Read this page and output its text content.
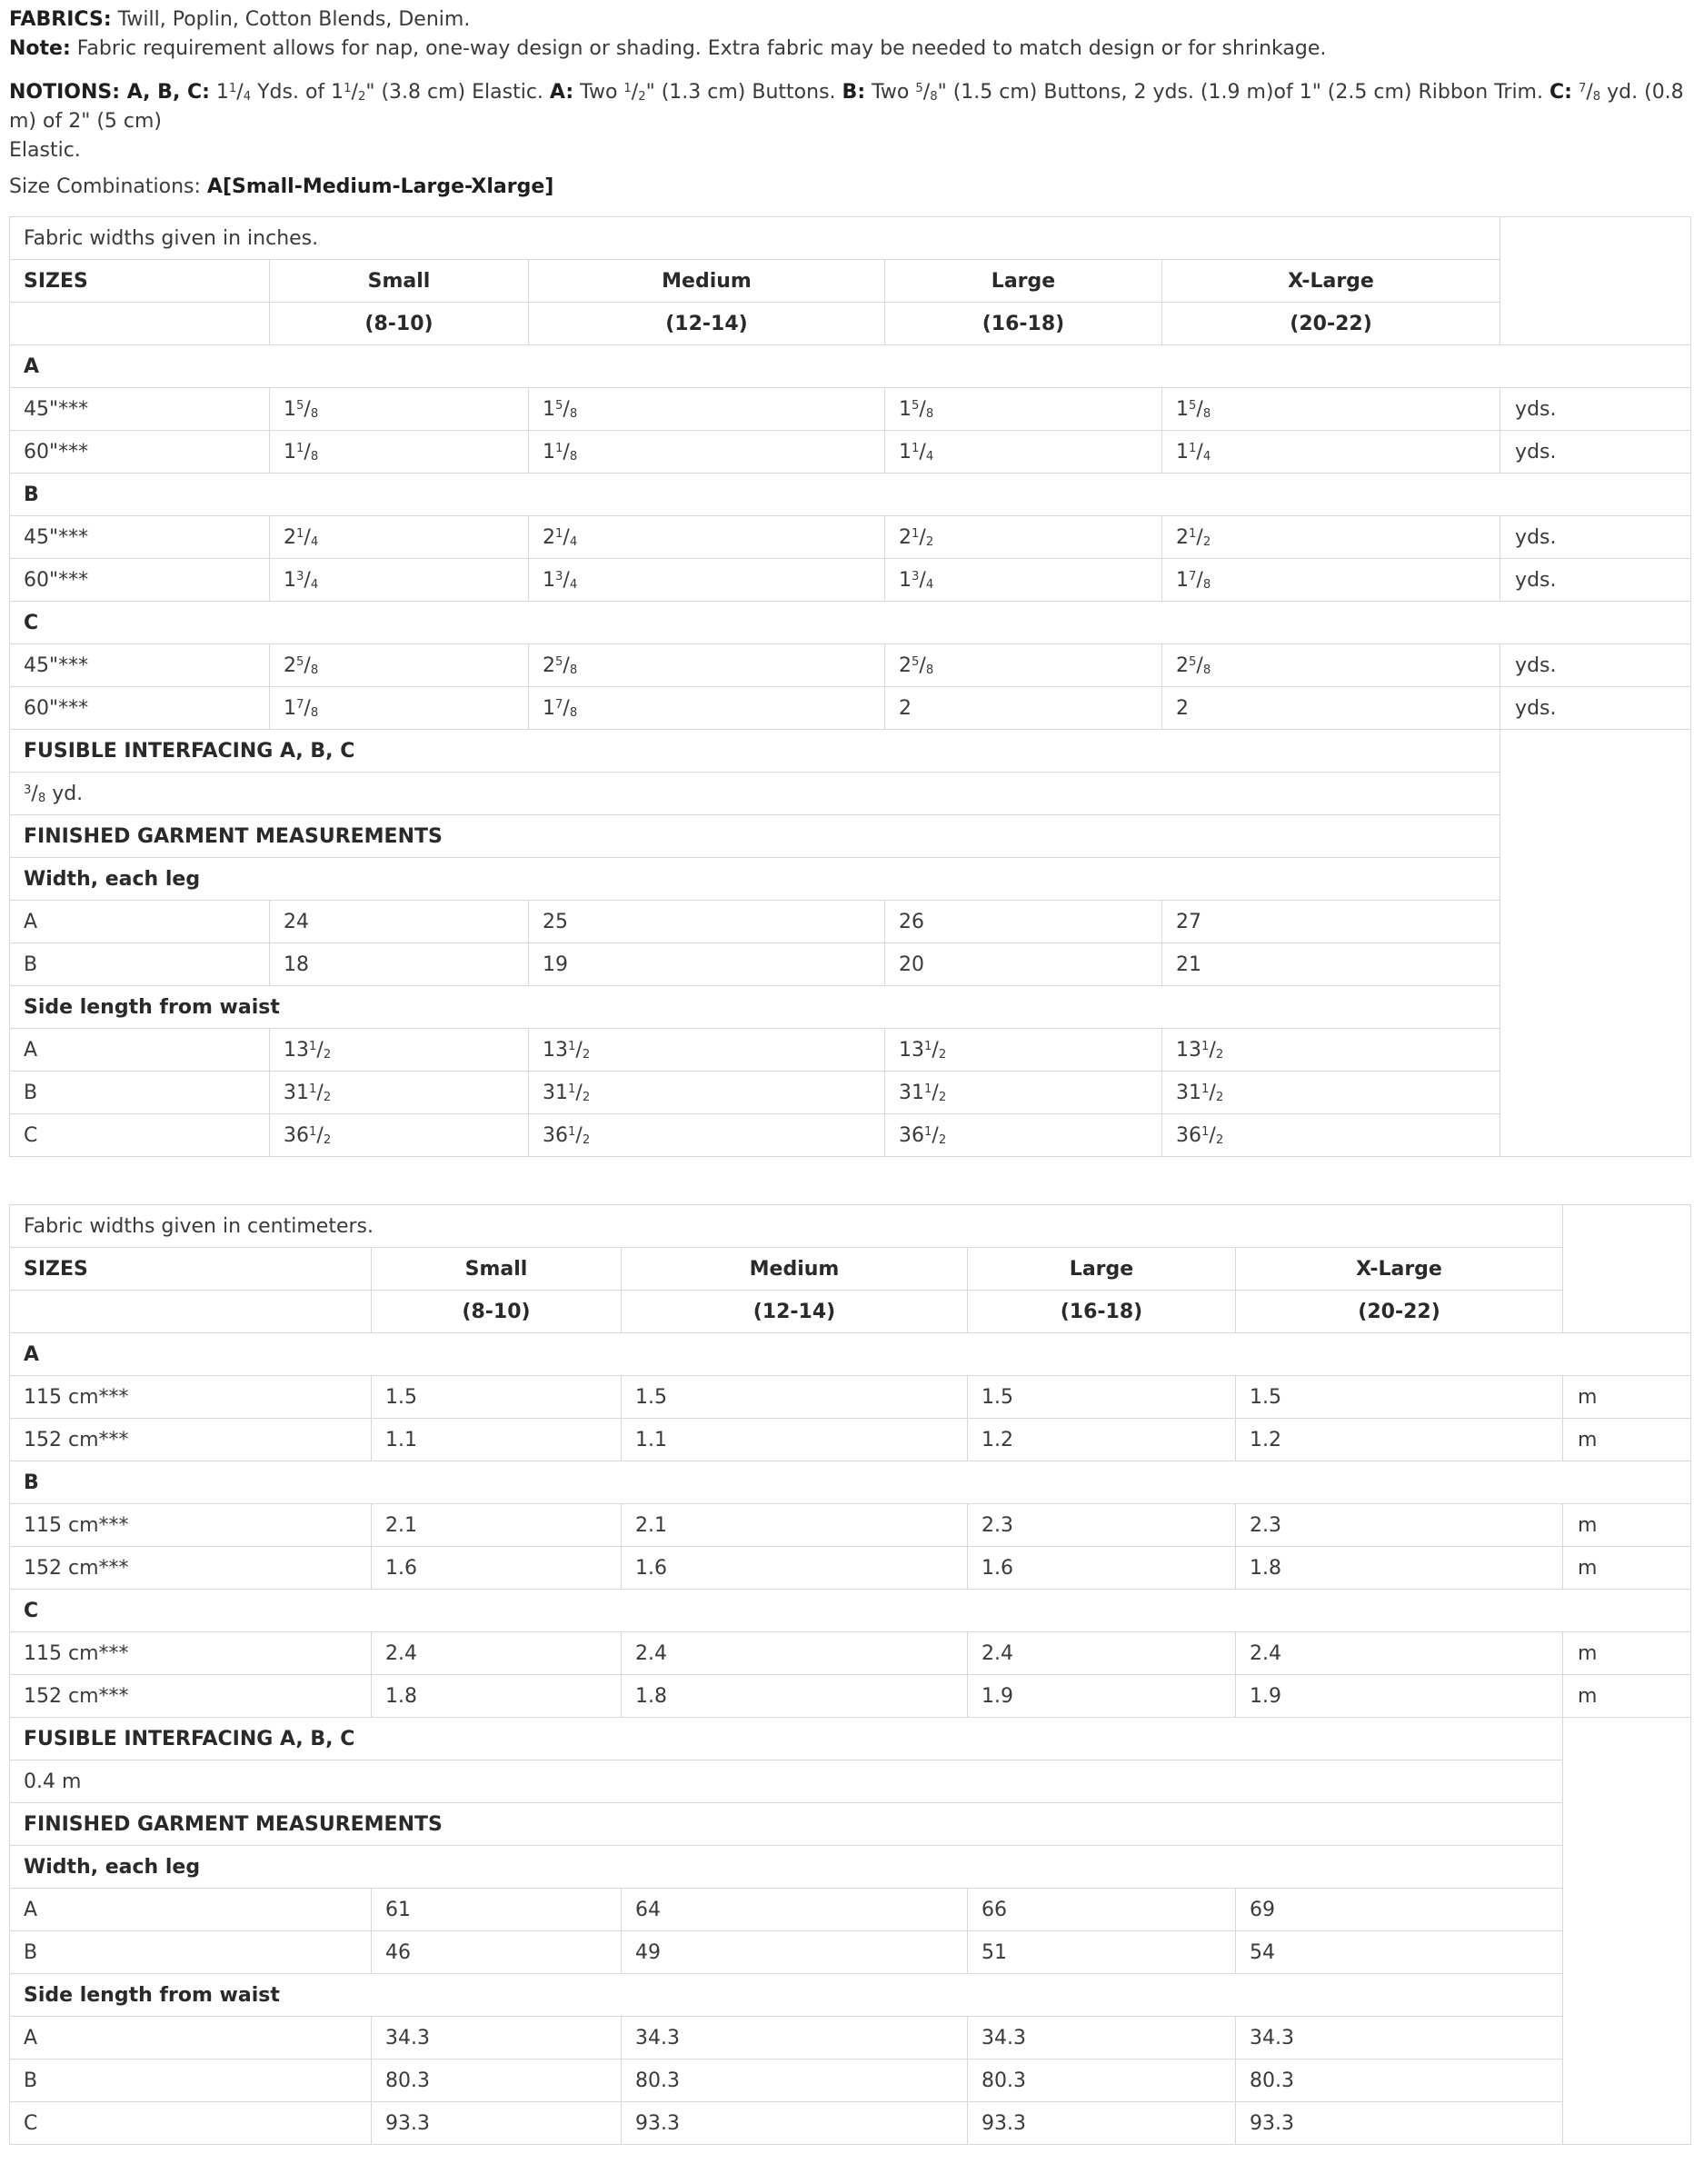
FABRICS: Twill, Poplin, Cotton Blends, Denim.

Note: Fabric requirement allows for nap, one-way design or shading. Extra fabric may be needed to match design or for shrinkage.

NOTIONS: A, B, C: $1^1/_4$ Yds. of $1^1/_2$" (3.8 cm) Elastic. A: Two $^1/_2$" (1.3 cm) Buttons. B: Two $^5/_8$" (1.5 cm) Buttons, 2 yds. (1.9 m)of 1" (2.5 cm) Ribbon Trim. C: $^7/_8$ yd. (0.8 m) of 2" (5 cm)
Elastic.

Size Combinations: A[Small-Medium-Large-Xlarge]

Fabric widths given in inches.					
SIZES	Small	Medium	Large	X-Large	
	(8-10)	(12-14)	(16-18)	(20-22)	
A					
45"***	$1^5/_8$	$1^5/_8$	$1^5/_8$	$1^5/_8$	yds.
60"***	$1^1/_8$	$1^1/_8$	$1^1/_4$	$1^1/_4$	yds.
B					
45"***	$2^1/_4$	$2^1/_4$	$2^1/_2$	$2^1/_2$	yds.
60"***	$1^3/_4$	$1^3/_4$	$1^3/_4$	$1^7/_8$	yds.
C					
45"***	$2^5/_8$	$2^5/_8$	$2^5/_8$	$2^5/_8$	yds.
60"***	$1^7/_8$	$1^7/_8$	2	2	yds.
FUSIBLE INTERFACING A, B, C					
$^3/_8$ yd.					
FINISHED GARMENT MEASUREMENTS					
Width, each leg					
A	24	25	26	27	
B	18	19	20	21	
Side length from waist					
A	$13^1/_2$	$13^1/_2$	$13^1/_2$	$13^1/_2$	
B	$31^1/_2$	$31^1/_2$	$31^1/_2$	$31^1/_2$	
C	$36^1/_2$	$36^1/_2$	$36^1/_2$	$36^1/_2$	
Fabric widths given in centimeters.					
SIZES	Small	Medium	Large	X-Large	
	(8-10)	(12-14)	(16-18)	(20-22)	
A					
115 cm***	1.5	1.5	1.5	1.5	m
152 cm***	1.1	1.1	1.2	1.2	m
B					
115 cm***	2.1	2.1	2.3	2.3	m
152 cm***	1.6	1.6	1.6	1.8	m
C					
115 cm***	2.4	2.4	2.4	2.4	m
152 cm***	1.8	1.8	1.9	1.9	m
FUSIBLE INTERFACING A, B, C					
0.4 m					
FINISHED GARMENT MEASUREMENTS					
Width, each leg					
A	61	64	66	69	
B	46	49	51	54	
Side length from waist					
A	34.3	34.3	34.3	34.3	
B	80.3	80.3	80.3	80.3	
C	93.3	93.3	93.3	93.3	
